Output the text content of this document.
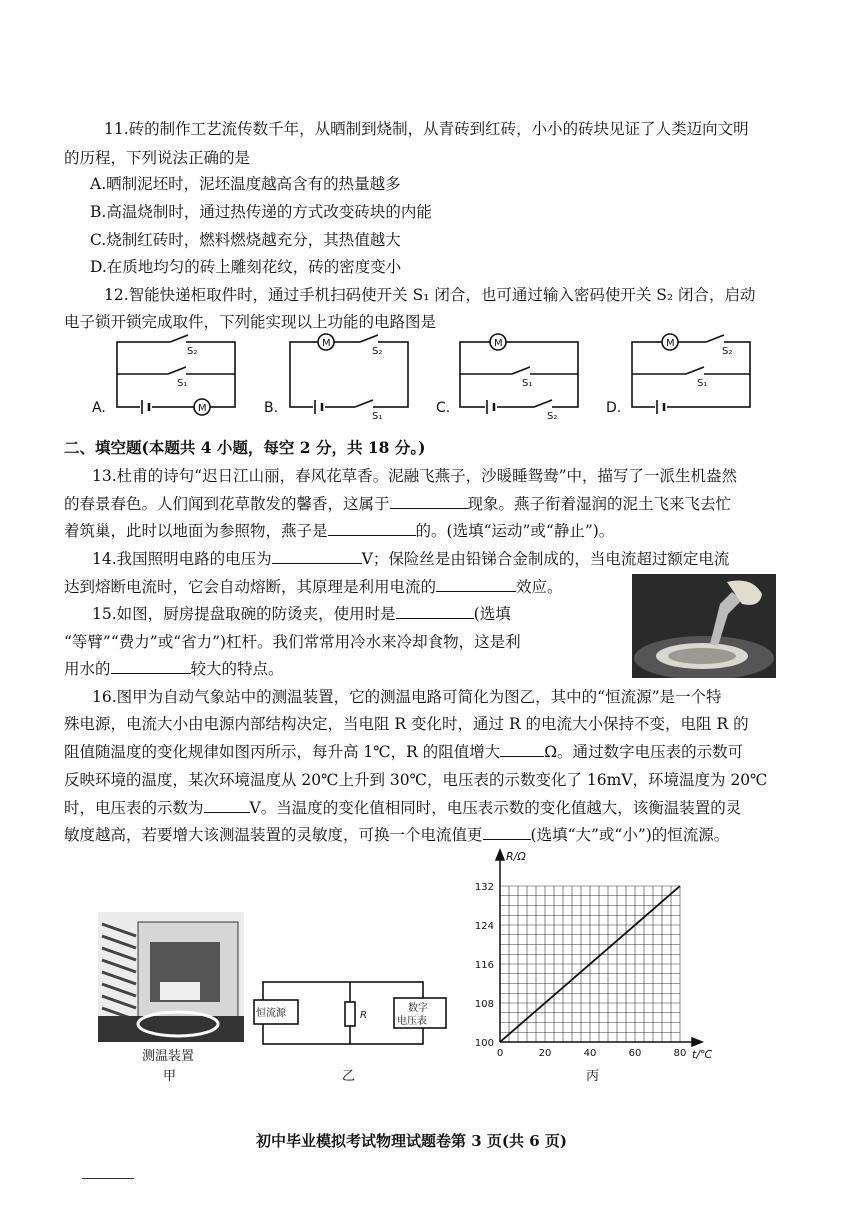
11.砖的制作工艺流传数千年，从晒制到烧制，从青砖到红砖，小小的砖块见证了人类迈向文明
的历程，下列说法正确的是
A.晒制泥坯时，泥坯温度越高含有的热量越多
B.高温烧制时，通过热传递的方式改变砖块的内能
C.烧制红砖时，燃料燃烧越充分，其热值越大
D.在质地均匀的砖上雕刻花纹，砖的密度变小
12.智能快递柜取件时，通过手机扫码使开关 S₁ 闭合，也可通过输入密码使开关 S₂ 闭合，启动
电子锁开锁完成取件，下列能实现以上功能的电路图是
S₂
S₁
M
M
S₂
S₁
M
S₁
S₂
M
S₂
S₁
A.	B.	C.	D.
二、填空题(本题共 4 小题，每空 2 分，共 18 分。)
13.杜甫的诗句“迟日江山丽，春风花草香。泥融飞燕子，沙暖睡鸳鸯”中，描写了一派生机盎然
的春景春色。人们闻到花草散发的馨香，这属于	现象。燕子衔着湿润的泥土飞来飞去忙
着筑巢，此时以地面为参照物，燕子是	的。(选填“运动”或“静止”)。
14.我国照明电路的电压为	V；保险丝是由铅锑合金制成的，当电流超过额定电流
达到熔断电流时，它会自动熔断，其原理是利用电流的	效应。
15.如图，厨房提盘取碗的防烫夹，使用时是	(选填
“等臂”“费力”或“省力”)杠杆。我们常常用冷水来冷却食物，这是利
用水的	较大的特点。
16.图甲为自动气象站中的测温装置，它的测温电路可简化为图乙，其中的“恒流源”是一个特
殊电源，电流大小由电源内部结构决定，当电阻 R 变化时，通过 R 的电流大小保持不变，电阻 R 的
阻值随温度的变化规律如图丙所示，每升高 1℃，R 的阻值增大	Ω。通过数字电压表的示数可
反映环境的温度，某次环境温度从 20℃上升到 30℃，电压表的示数变化了 16mV，环境温度为 20℃
时，电压表的示数为	V。当温度的变化值相同时，电压表示数的变化值越大，该衡温装置的灵
敏度越高，若要增大该测温装置的灵敏度，可换一个电流值更	(选填“大”或“小”)的恒流源。
测温装置
甲
恒流源	R
数字
电压表
乙
0	20	40	60	80
100
108
116
124
132
R/Ω
t/℃
丙
初中毕业模拟考试物理试题卷第 3 页(共 6 页)
